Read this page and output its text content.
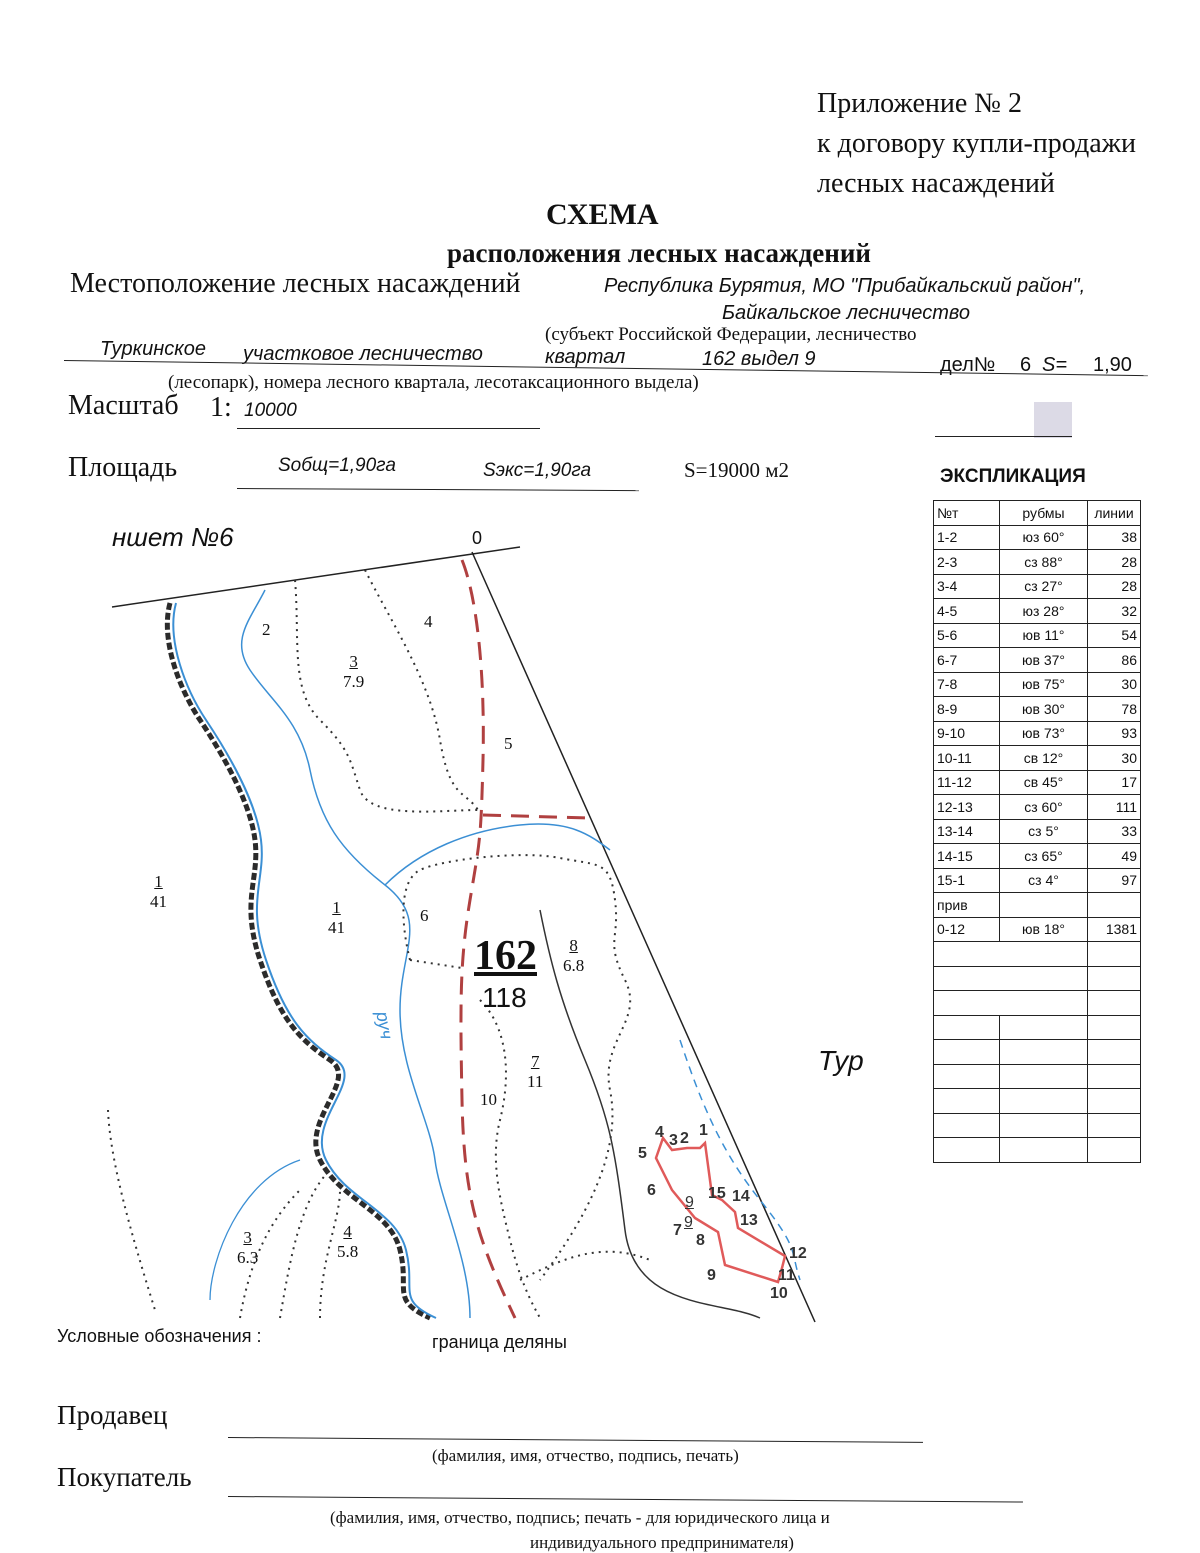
Приложение № 2
к договору купли-продажи
лесных насаждений
СХЕМА
расположения лесных насаждений
Местоположение лесных насаждений	Республика Бурятия, МО "Прибайкальский район",
Байкальское лесничество
(субъект Российской Федерации, лесничество
Туркинское участковое лесничество	квартал	162 выдел 9	дел№ 6 S= 1,90
(лесопарк), номера лесного квартала, лесотаксационного выдела)
Масштаб 1: 10000
Площадь	Sобщ=1,90га	Sэкс=1,90га	S=19000 м2	ЭКСПЛИКАЦИЯ
№т	рубмы	линии
1-2	юз 60°	38
2-3	сз 88°	28
3-4	сз 27°	28
4-5	юз 28°	32
5-6	юв 11°	54
6-7	юв 37°	86
7-8	юв 75°	30
8-9	юв 30°	78
9-10	юв 73°	93
10-11	св 12°	30
11-12	св 45°	17
12-13	сз 60°	111
13-14	сз 5°	33
14-15	сз 65°	49
15-1	сз 4°	97
прив		
0-12	юв 18°	1381

ншет №6	0
162
118
руч
Тур
1
41	1
41
2
3
7.9
4
5
6
8
6.8
7
11
10
3
6.3
4
5.8
1
2
3
4
5
6
7
8
9
10
11
12
13
14
15
9
9
Условные обозначения :	граница деляны
Продавец
(фамилия, имя, отчество, подпись, печать)
Покупатель
(фамилия, имя, отчество, подпись; печать - для юридического лица и
индивидуального предпринимателя)
